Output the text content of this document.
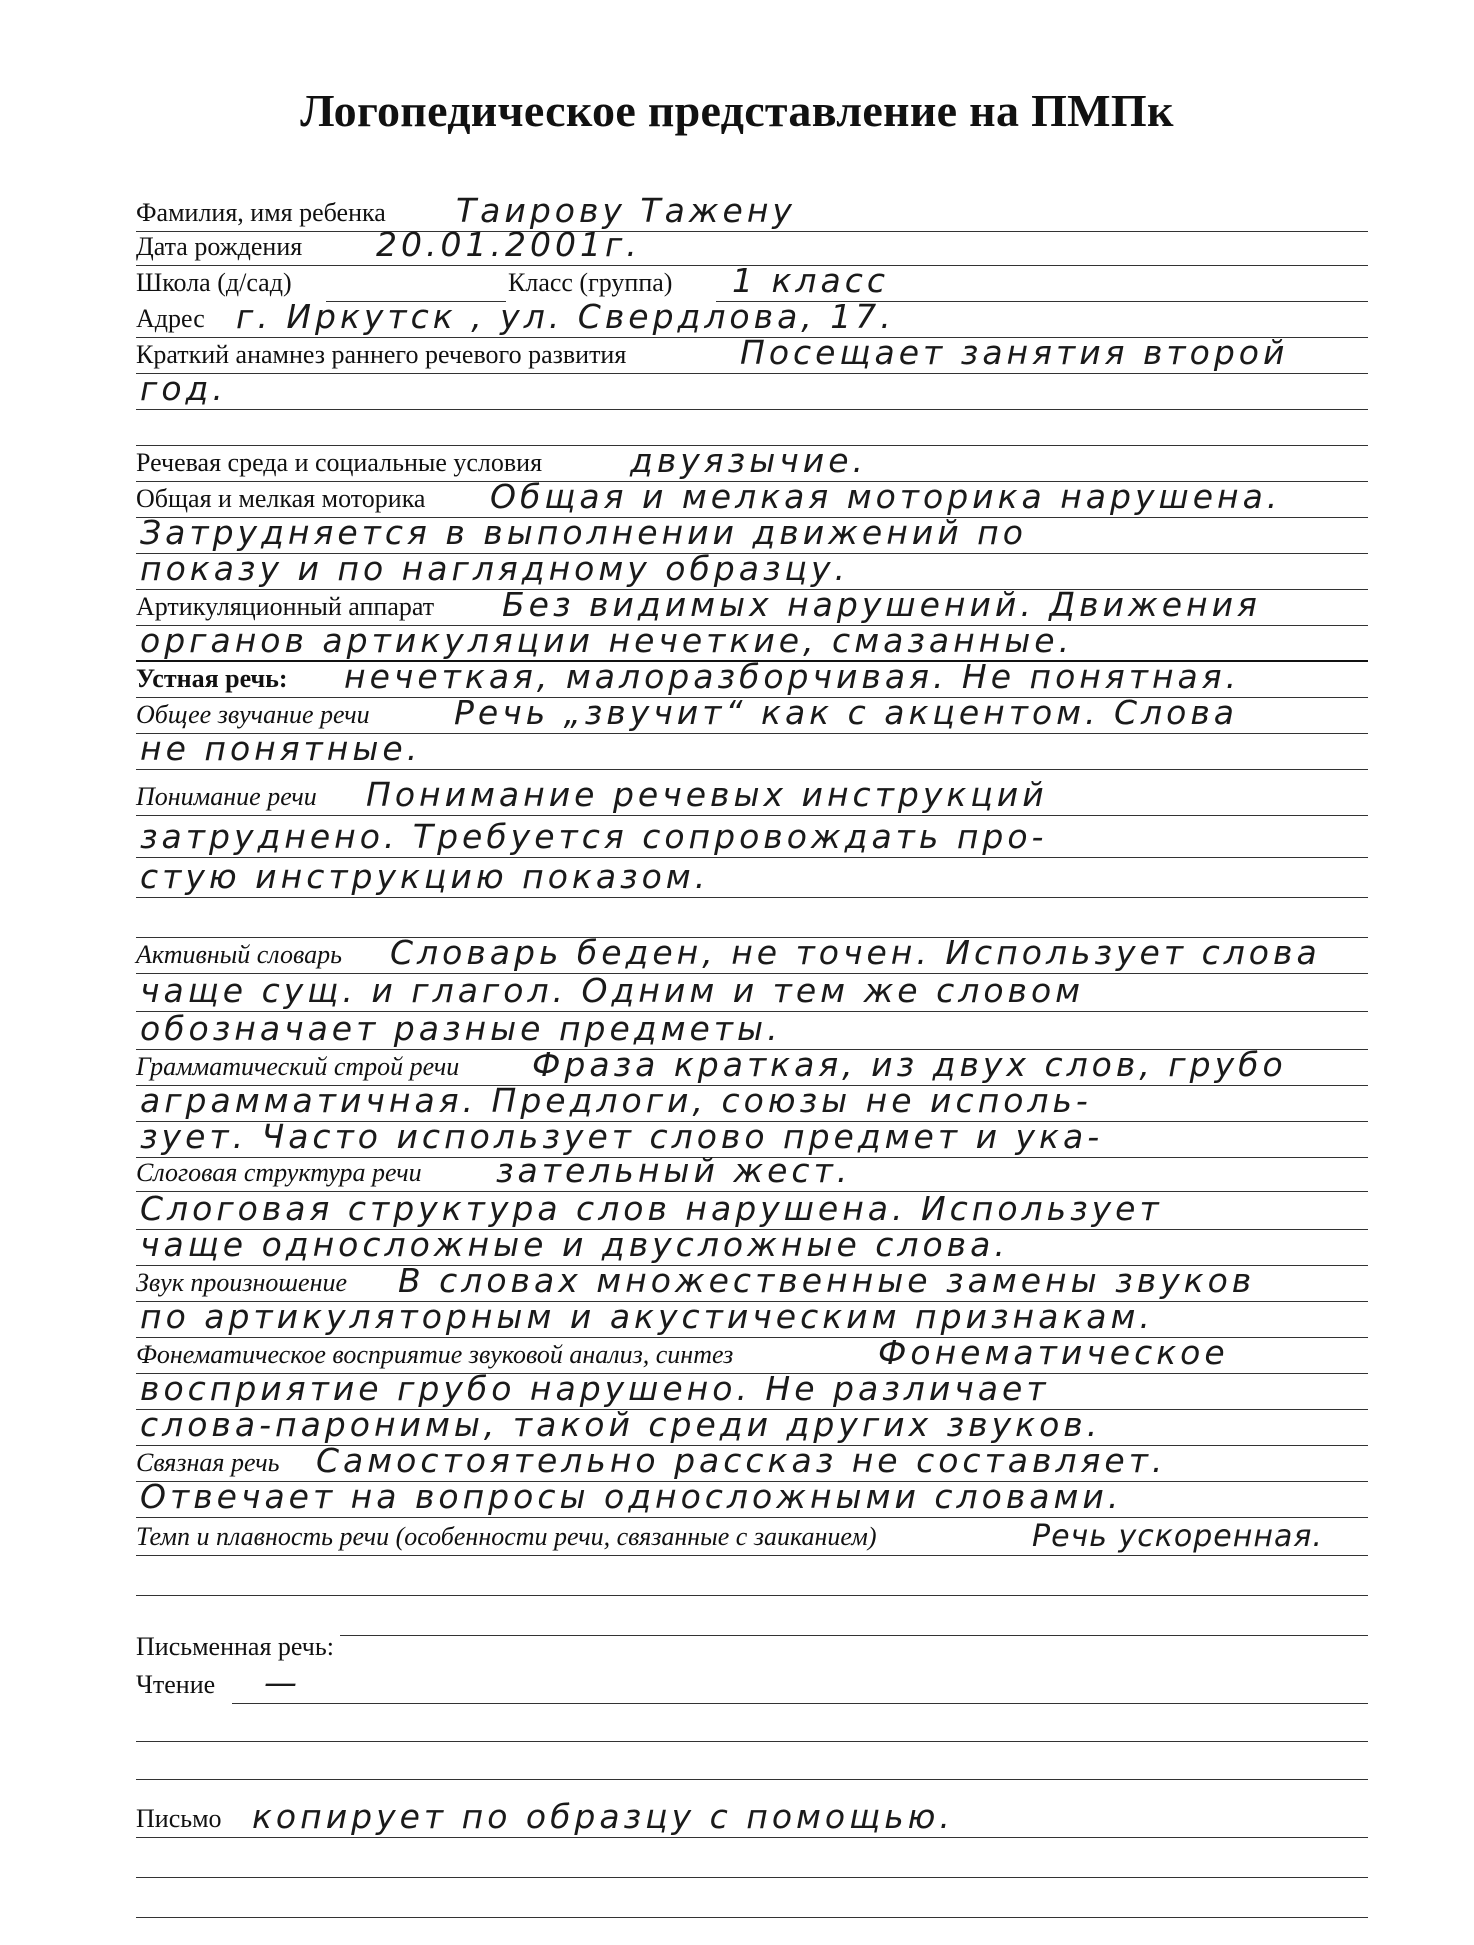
Логопедическое представление на ПМПк
Фамилия, имя ребенка Таирову Тажену
Дата рождения 20.01.2001г.
Школа (д/сад)	Класс (группа) 1 класс
Адрес г. Иркутск , ул. Свердлова, 17.
Краткий анамнез раннего речевого развития	Посещает занятия второй
год.
Речевая среда и социальные условия	двуязычие.
Общая и мелкая моторика Общая и мелкая моторика нарушена.
Затрудняется в выполнении движений по
показу и по наглядному образцу.
Артикуляционный аппарат Без видимых нарушений. Движения
органов артикуляции нечеткие, смазанные.
Устная речь: нечеткая, малоразборчивая. Не понятная.
Общее звучание речи	Речь „звучит“ как с акцентом. Слова
не понятные.
Понимание речи Понимание речевых инструкций
затруднено. Требуется сопровождать про-
стую инструкцию показом.
Активный словарь Словарь беден, не точен. Использует слова
чаще сущ. и глагол. Одним и тем же словом
обозначает разные предметы.
Грамматический строй речи Фраза краткая, из двух слов, грубо
аграмматичная. Предлоги, союзы не исполь-
зует. Часто использует слово предмет и ука-
Слоговая структура речи зательный жест.
Слоговая структура слов нарушена. Использует
чаще односложные и двусложные слова.
Звук произношение В словах множественные замены звуков
по артикуляторным и акустическим признакам.
Фонематическое восприятие звуковой анализ, синтез	Фонематическое
восприятие грубо нарушено. Не различает
слова-паронимы, такой среди других звуков.
Связная речь Самостоятельно рассказ не составляет.
Отвечает на вопросы односложными словами.
Темп и плавность речи (особенности речи, связанные с заиканием)	Речь ускоренная.
Письменная речь:
Чтение —
Письмо копирует по образцу с помощью.
